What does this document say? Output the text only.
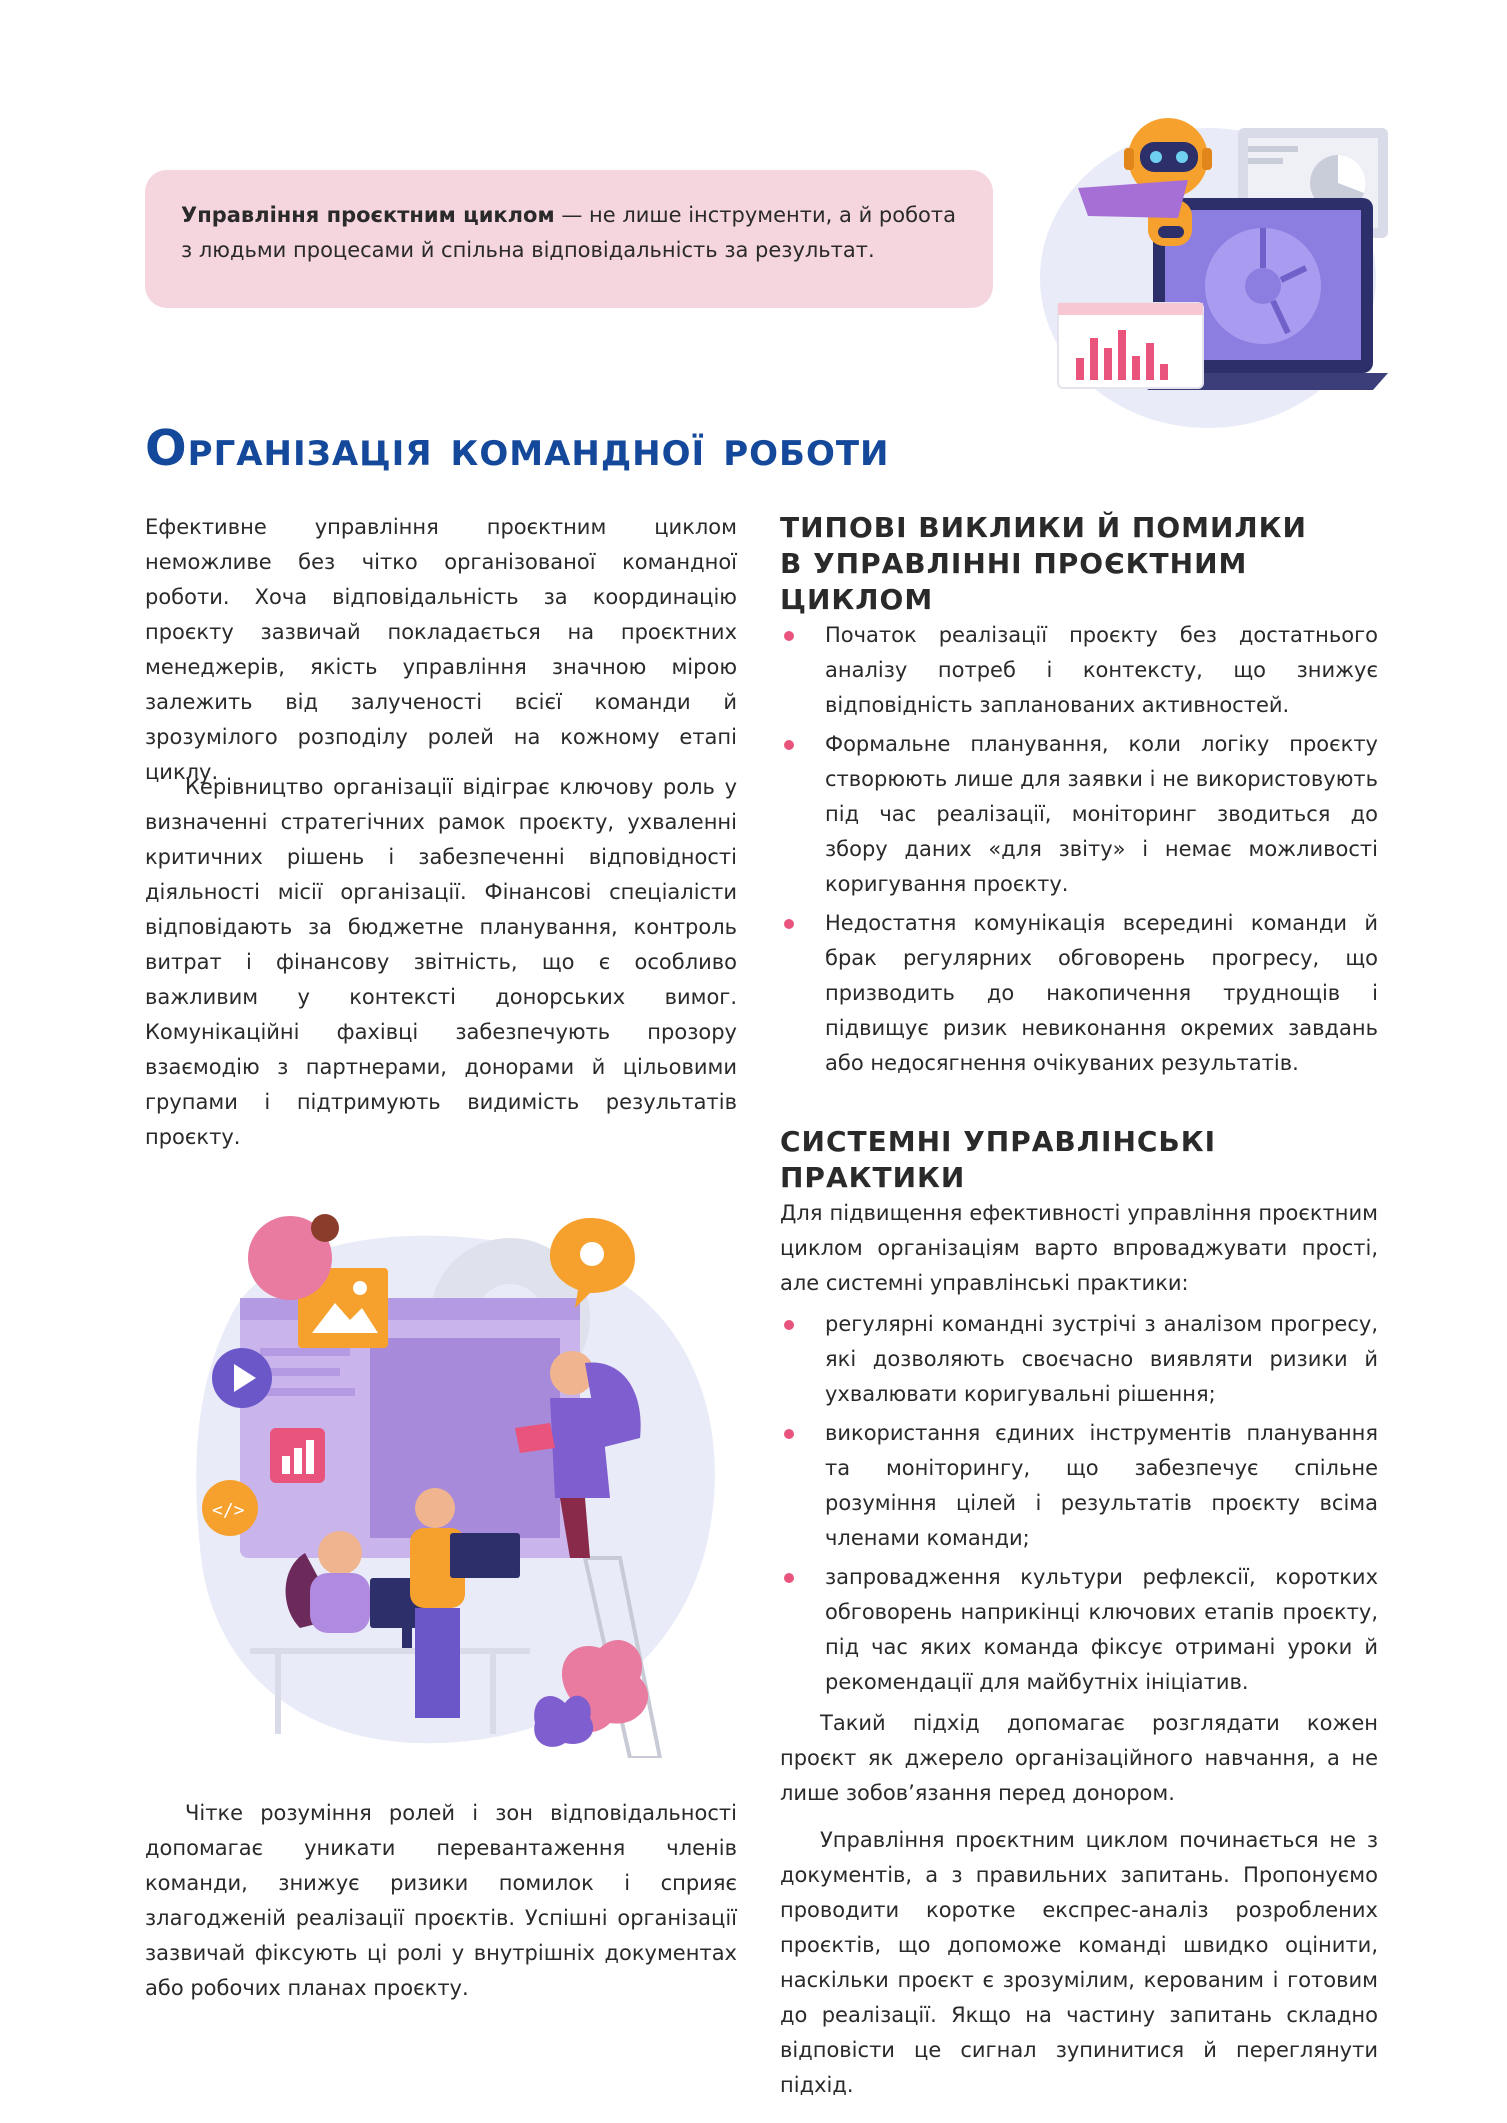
Управління проєктним циклом — не лише інструменти, а й робота з людьми процесами й спільна відповідальність за результат.
Організація командної роботи

Ефективне управління проєктним циклом неможливе без чітко організованої командної роботи. Хоча відповідальність за координацію проєкту зазвичай покладається на проєктних менеджерів, якість управління значною мірою залежить від залученості всієї команди й зрозумілого розподілу ролей на кожному етапі циклу.

Керівництво організації відіграє ключову роль у визначенні стратегічних рамок проєкту, ухваленні критичних рішень і забезпеченні відповідності діяльності місії організації. Фінансові спеціалісти відповідають за бюджетне планування, контроль витрат і фінансову звітність, що є особливо важливим у контексті донорських вимог. Комунікаційні фахівці забезпечують прозору взаємодію з партнерами, донорами й цільовими групами і підтримують видимість результатів проєкту.

</>

Чітке розуміння ролей і зон відповідальності допомагає уникати перевантаження членів команди, знижує ризики помилок і сприяє злагодженій реалізації проєктів. Успішні організації зазвичай фіксують ці ролі у внутрішніх документах або робочих планах проєкту.

ТИПОВІ ВИКЛИКИ Й ПОМИЛКИ
В УПРАВЛІННІ ПРОЄКТНИМ
ЦИКЛОМ
Початок реалізації проєкту без достатнього аналізу потреб і контексту, що знижує відповідність запланованих активностей.
Формальне планування, коли логіку проєкту створюють лише для заявки і не використовують під час реалізації, моніторинг зводиться до збору даних «для звіту» і немає можливості коригування проєкту.
Недостатня комунікація всередині команди й брак регулярних обговорень прогресу, що призводить до накопичення труднощів і підвищує ризик невиконання окремих завдань або недосягнення очікуваних результатів.
СИСТЕМНІ УПРАВЛІНСЬКІ ПРАКТИКИ

Для підвищення ефективності управління проєктним циклом організаціям варто впроваджувати прості, але системні управлінські практики:

регулярні командні зустрічі з аналізом прогресу, які дозволяють своєчасно виявляти ризики й ухвалювати коригувальні рішення;
використання єдиних інструментів планування та моніторингу, що забезпечує спільне розуміння цілей і результатів проєкту всіма членами команди;
запровадження культури рефлексії, коротких обговорень наприкінці ключових етапів проєкту, під час яких команда фіксує отримані уроки й рекомендації для майбутніх ініціатив.

Такий підхід допомагає розглядати кожен проєкт як джерело організаційного навчання, а не лише зобов’язання перед донором.

Управління проєктним циклом починається не з документів, а з правильних запитань. Пропонуємо проводити коротке експрес-аналіз розроблених проєктів, що допоможе команді швидко оцінити, наскільки проєкт є зрозумілим, керованим і готовим до реалізації. Якщо на частину запитань складно відповісти це сигнал зупинитися й переглянути підхід.
